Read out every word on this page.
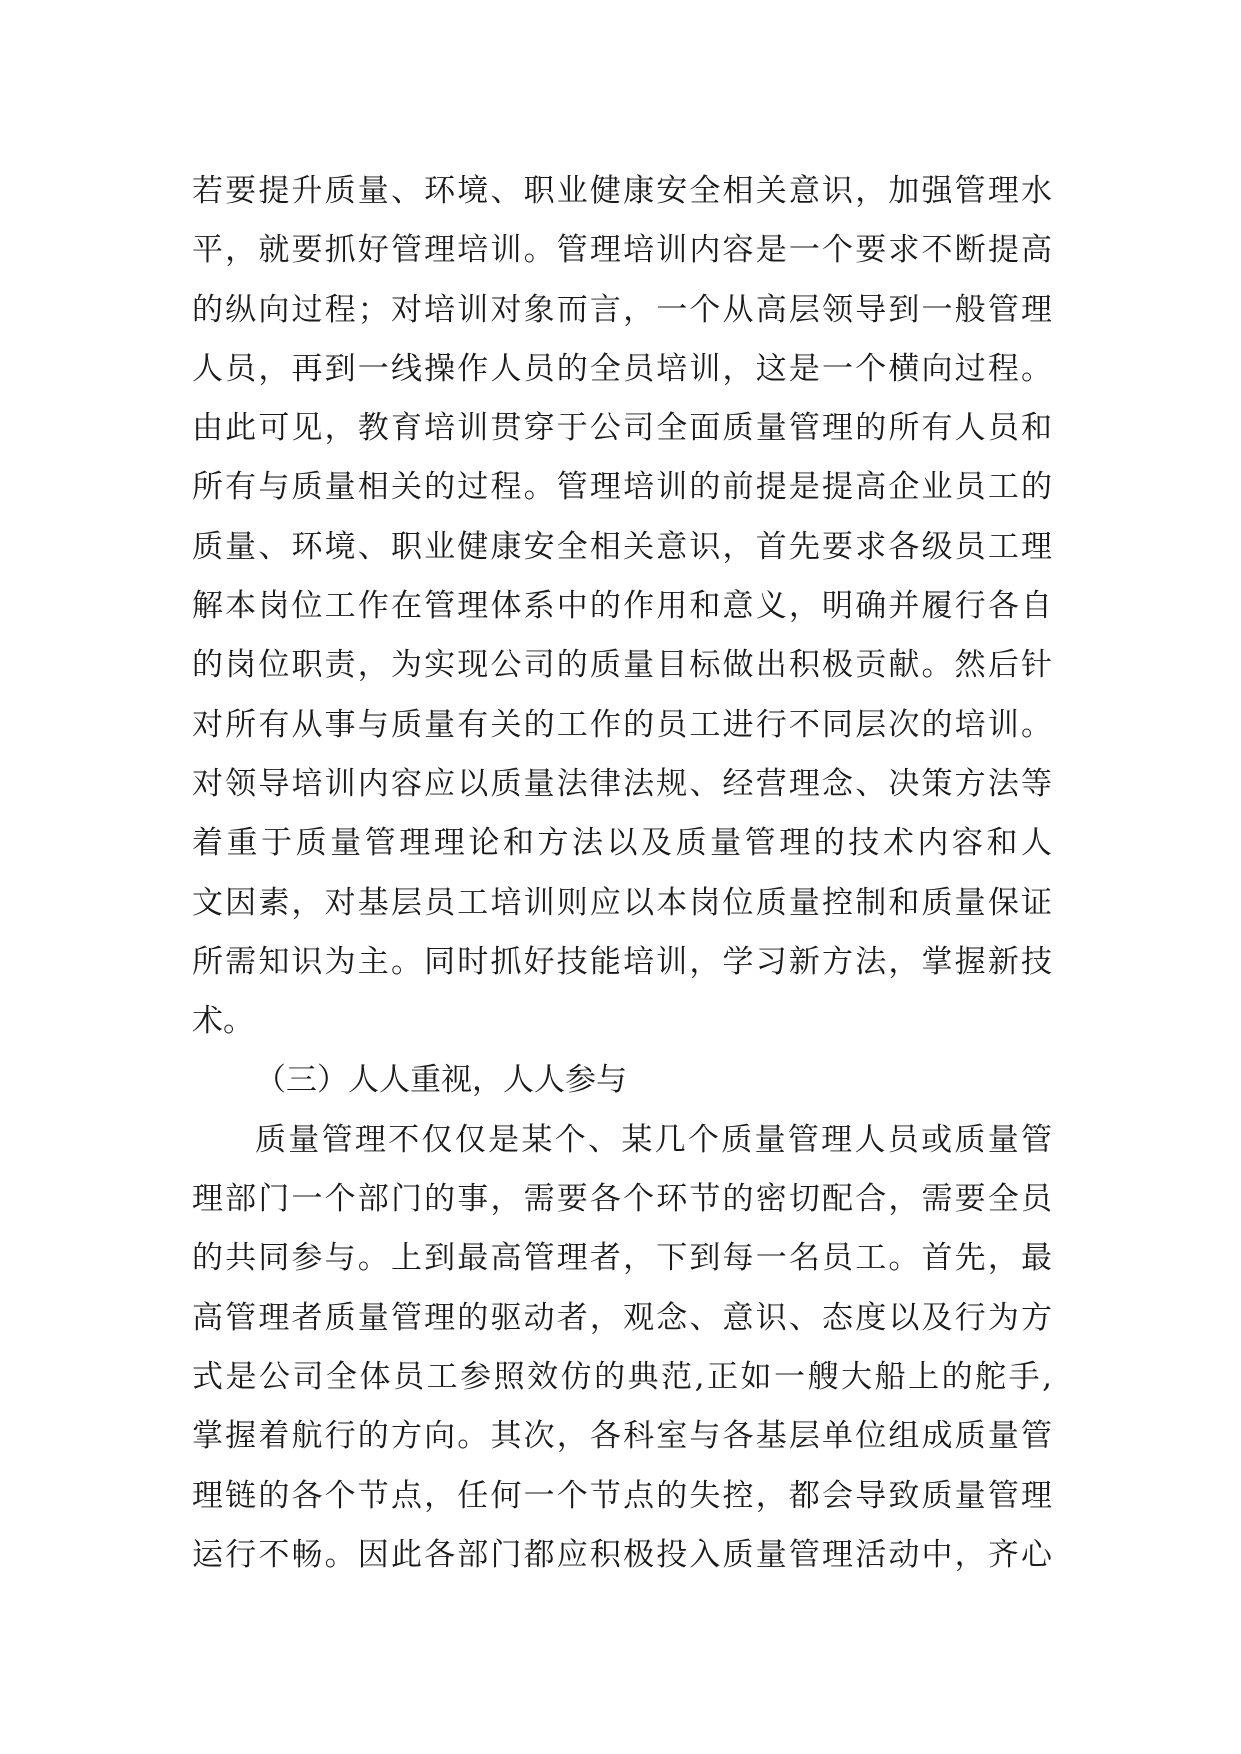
若要提升质量、环境、职业健康安全相关意识，加强管理水
平，就要抓好管理培训。管理培训内容是一个要求不断提高
的纵向过程；对培训对象而言，一个从高层领导到一般管理
人员，再到一线操作人员的全员培训，这是一个横向过程。
由此可见，教育培训贯穿于公司全面质量管理的所有人员和
所有与质量相关的过程。管理培训的前提是提高企业员工的
质量、环境、职业健康安全相关意识，首先要求各级员工理
解本岗位工作在管理体系中的作用和意义，明确并履行各自
的岗位职责，为实现公司的质量目标做出积极贡献。然后针
对所有从事与质量有关的工作的员工进行不同层次的培训。
对领导培训内容应以质量法律法规、经营理念、决策方法等
着重于质量管理理论和方法以及质量管理的技术内容和人
文因素，对基层员工培训则应以本岗位质量控制和质量保证
所需知识为主。同时抓好技能培训，学习新方法，掌握新技
术。
（三）人人重视，人人参与
质量管理不仅仅是某个、某几个质量管理人员或质量管
理部门一个部门的事，需要各个环节的密切配合，需要全员
的共同参与。上到最高管理者，下到每一名员工。首先，最
高管理者质量管理的驱动者，观念、意识、态度以及行为方
式是公司全体员工参照效仿的典范,正如一艘大船上的舵手,
掌握着航行的方向。其次，各科室与各基层单位组成质量管
理链的各个节点，任何一个节点的失控，都会导致质量管理
运行不畅。因此各部门都应积极投入质量管理活动中，齐心
